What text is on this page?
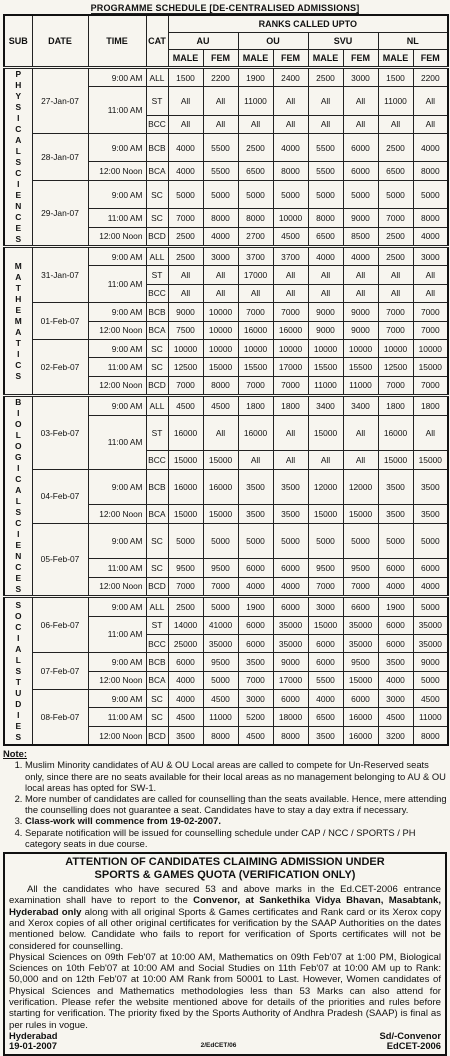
PROGRAMME SCHEDULE [DE-CENTRALISED ADMISSIONS]
SUB	DATE	TIME	CAT	RANKS CALLED UPTO							
				AU		OU		SVU		NL	
				MALE	FEM	MALE	FEM	MALE	FEM	MALE	FEM
PHYSICAL SCIENCES	27-Jan-07	9:00 AM	ALL	1500	2200	1900	2400	2500	3000	1500	2200
		11:00 AM	ST	All	All	11000	All	All	All	11000	All
			BCC	All	All	All	All	All	All	All	All
	28-Jan-07	9:00 AM	BCB	4000	5500	2500	4000	5500	6000	2500	4000
		12:00 Noon	BCA	4000	5500	6500	8000	5500	6000	6500	8000
	29-Jan-07	9:00 AM	SC	5000	5000	5000	5000	5000	5000	5000	5000
		11:00 AM	SC	7000	8000	8000	10000	8000	9000	7000	8000
		12:00 Noon	BCD	2500	4000	2700	4500	6500	8500	2500	4000
MATHEMATICS	31-Jan-07	9:00 AM	ALL	2500	3000	3700	3700	4000	4000	2500	3000
		11:00 AM	ST	All	All	17000	All	All	All	All	All
			BCC	All	All	All	All	All	All	All	All
	01-Feb-07	9:00 AM	BCB	9000	10000	7000	7000	9000	9000	7000	7000
		12:00 Noon	BCA	7500	10000	16000	16000	9000	9000	7000	7000
	02-Feb-07	9:00 AM	SC	10000	10000	10000	10000	10000	10000	10000	10000
		11:00 AM	SC	12500	15000	15500	17000	15500	15500	12500	15000
		12:00 Noon	BCD	7000	8000	7000	7000	11000	11000	7000	7000
BIOLOGICAL SCIENCES	03-Feb-07	9:00 AM	ALL	4500	4500	1800	1800	3400	3400	1800	1800
		11:00 AM	ST	16000	All	16000	All	15000	All	16000	All
			BCC	15000	15000	All	All	All	All	15000	15000
	04-Feb-07	9:00 AM	BCB	16000	16000	3500	3500	12000	12000	3500	3500
		12:00 Noon	BCA	15000	15000	3500	3500	15000	15000	3500	3500
	05-Feb-07	9:00 AM	SC	5000	5000	5000	5000	5000	5000	5000	5000
		11:00 AM	SC	9500	9500	6000	6000	9500	9500	6000	6000
		12:00 Noon	BCD	7000	7000	4000	4000	7000	7000	4000	4000
SOCIAL STUDIES	06-Feb-07	9:00 AM	ALL	2500	5000	1900	6000	3000	6600	1900	5000
		11:00 AM	ST	14000	41000	6000	35000	15000	35000	6000	35000
			BCC	25000	35000	6000	35000	6000	35000	6000	35000
	07-Feb-07	9:00 AM	BCB	6000	9500	3500	9000	6000	9500	3500	9000
		12:00 Noon	BCA	4000	5000	7000	17000	5500	15000	4000	5000
	08-Feb-07	9:00 AM	SC	4000	4500	3000	6000	4000	6000	3000	4500
		11:00 AM	SC	4500	11000	5200	18000	6500	16000	4500	11000
		12:00 Noon	BCD	3500	8000	4500	8000	3500	16000	3200	8000
Note:
1. Muslim Minority candidates of AU & OU Local areas are called to compete for Un-Reserved seats only, since there are no seats available for their local areas as no management belonging to AU & OU local areas has opted for SW-1.
2. More number of candidates are called for counselling than the seats available. Hence, mere attending the counselling does not guarantee a seat. Candidates have to stay a day extra if necessary.
3. Class-work will commence from 19-02-2007.
4. Separate notification will be issued for counselling schedule under CAP / NCC / SPORTS / PH category seats in due course.
ATTENTION OF CANDIDATES CLAIMING ADMISSION UNDER
SPORTS & GAMES QUOTA (VERIFICATION ONLY)
All the candidates who have secured 53 and above marks in the Ed.CET-2006 entrance examination shall have to report to the Convenor, at Sankethika Vidya Bhavan, Masabtank, Hyderabad only along with all original Sports & Games certificates and Rank card or its Xerox copy and Xerox copies of all other original certificates for verification by the SAAP Authorities on the dates mentioned below. Candidate who fails to report for verification of Sports certificates will not be considered for counselling.
Physical Sciences on 09th Feb'07 at 10:00 AM, Mathematics on 09th Feb'07 at 1:00 PM, Biological Sciences on 10th Feb'07 at 10:00 AM and Social Studies on 11th Feb'07 at 10:00 AM up to Rank: 50,000 and on 12th Feb'07 at 10:00 AM Rank from 50001 to Last. However, Women candidates of Physical Sciences and Mathematics methodologies less than 53 Marks can also attend for verification. Please refer the website mentioned above for details of the priorities and rules before starting for verification. The priority fixed by the Sports Authority of Andhra Pradesh (SAAP) is final as per rules in vogue.
Hyderabad
19-01-2007	2/EdCET/06
Sd/-Convenor
EdCET-2006
